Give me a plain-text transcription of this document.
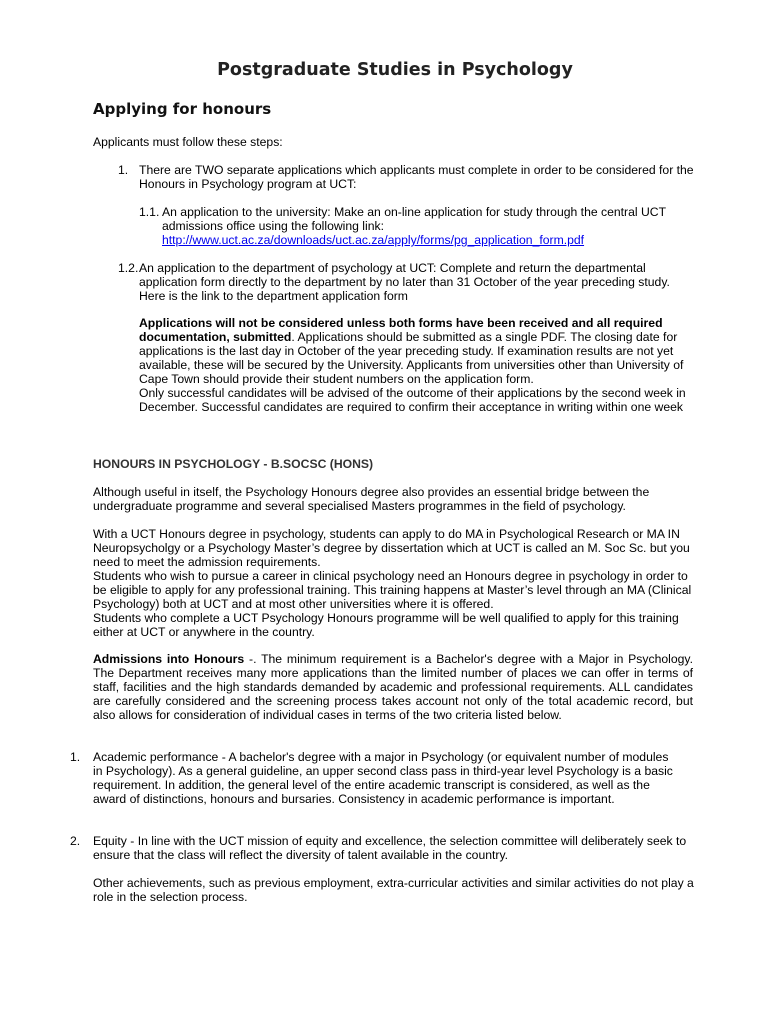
Postgraduate Studies in Psychology
Applying for honours

Applicants must follow these steps:

1. There are TWO separate applications which applicants must complete in order to be considered for the Honours in Psychology program at UCT:

1.1. An application to the university: Make an on-line application for study through the central UCT admissions office using the following link:
http://www.uct.ac.za/downloads/uct.ac.za/apply/forms/pg_application_form.pdf

1.2. An application to the department of psychology at UCT: Complete and return the departmental application form directly to the department by no later than 31 October of the year preceding study. Here is the link to the department application form

Applications will not be considered unless both forms have been received and all required documentation, submitted. Applications should be submitted as a single PDF. The closing date for applications is the last day in October of the year preceding study. If examination results are not yet available, these will be secured by the University. Applicants from universities other than University of Cape Town should provide their student numbers on the application form.
Only successful candidates will be advised of the outcome of their applications by the second week in December. Successful candidates are required to confirm their acceptance in writing within one week

HONOURS IN PSYCHOLOGY - B.SOCSC (HONS)

Although useful in itself, the Psychology Honours degree also provides an essential bridge between the undergraduate programme and several specialised Masters programmes in the field of psychology.

With a UCT Honours degree in psychology, students can apply to do MA in Psychological Research or MA IN Neuropsycholgy or a Psychology Master’s degree by dissertation which at UCT is called an M. Soc Sc. but you need to meet the admission requirements.
Students who wish to pursue a career in clinical psychology need an Honours degree in psychology in order to be eligible to apply for any professional training. This training happens at Master’s level through an MA (Clinical Psychology) both at UCT and at most other universities where it is offered.
Students who complete a UCT Psychology Honours programme will be well qualified to apply for this training either at UCT or anywhere in the country.

Admissions into Honours -. The minimum requirement is a Bachelor's degree with a Major in Psychology. The Department receives many more applications than the limited number of places we can offer in terms of staff, facilities and the high standards demanded by academic and professional requirements. ALL candidates are carefully considered and the screening process takes account not only of the total academic record, but also allows for consideration of individual cases in terms of the two criteria listed below.

1. Academic performance - A bachelor's degree with a major in Psychology (or equivalent number of modules in Psychology). As a general guideline, an upper second class pass in third-year level Psychology is a basic requirement. In addition, the general level of the entire academic transcript is considered, as well as the award of distinctions, honours and bursaries. Consistency in academic performance is important.

2. Equity - In line with the UCT mission of equity and excellence, the selection committee will deliberately seek to ensure that the class will reflect the diversity of talent available in the country.

Other achievements, such as previous employment, extra-curricular activities and similar activities do not play a role in the selection process.
